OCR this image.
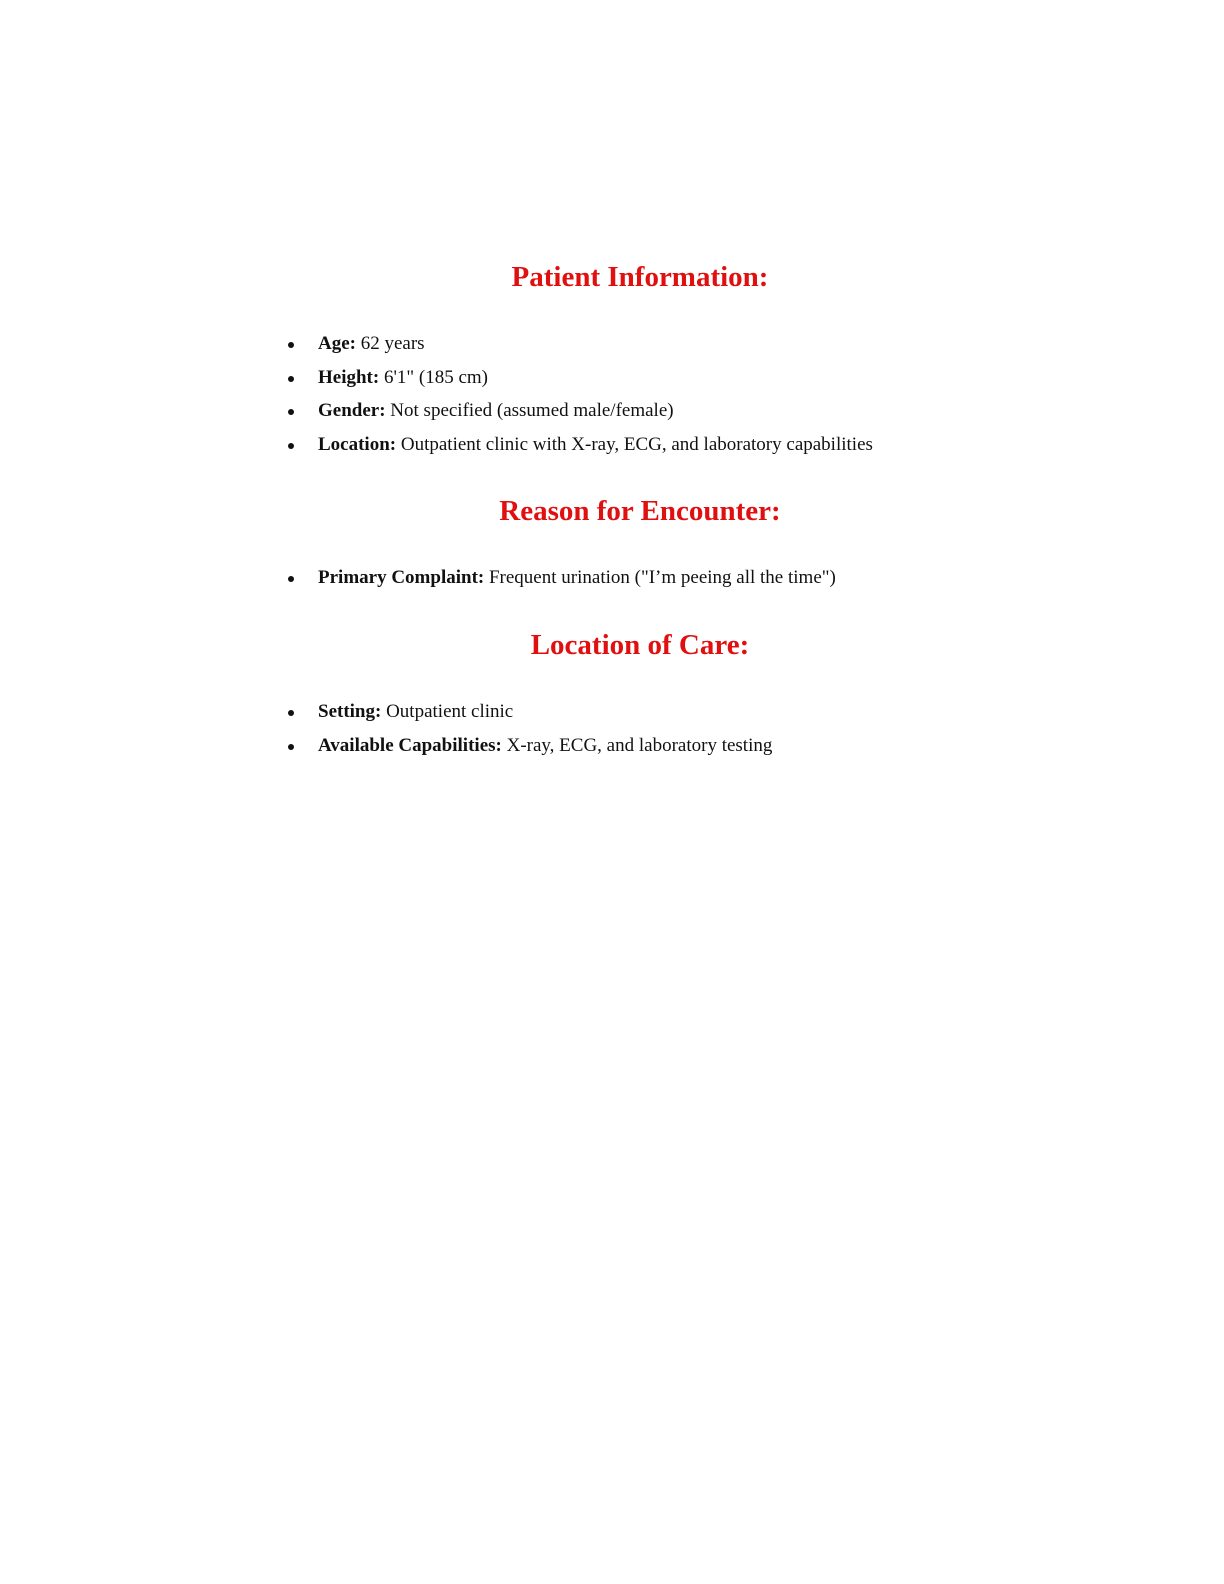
Patient Information:
Age: 62 years
Height: 6'1" (185 cm)
Gender: Not specified (assumed male/female)
Location: Outpatient clinic with X-ray, ECG, and laboratory capabilities
Reason for Encounter:
Primary Complaint: Frequent urination ("I’m peeing all the time")
Location of Care:
Setting: Outpatient clinic
Available Capabilities: X-ray, ECG, and laboratory testing
